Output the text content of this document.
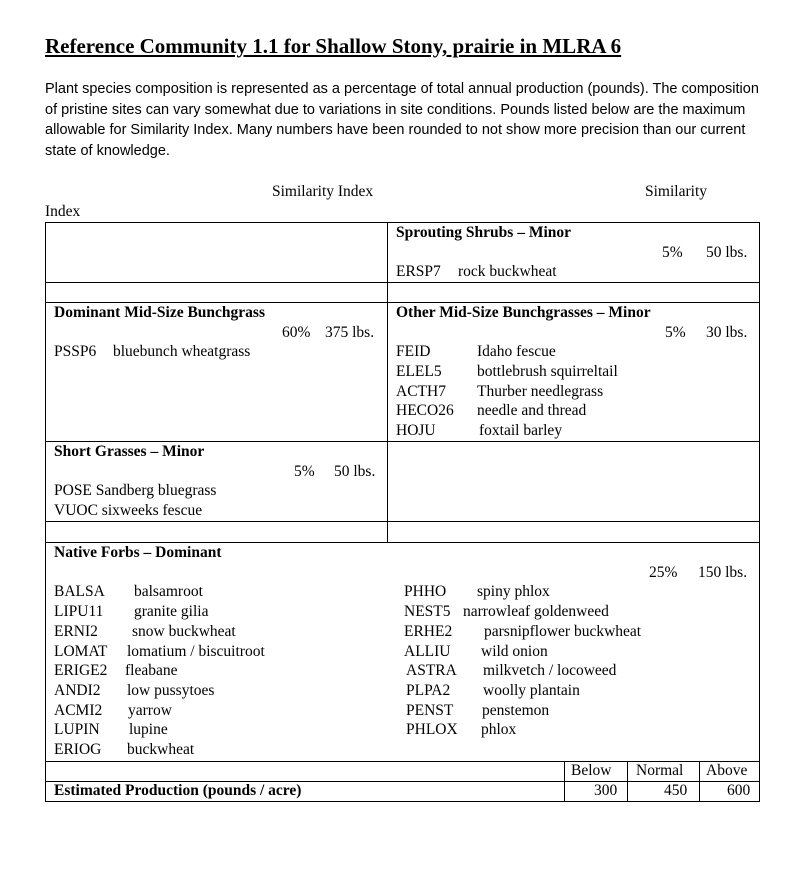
Reference Community 1.1 for Shallow Stony, prairie in MLRA 6
Plant species composition is represented as a percentage of total annual production (pounds). The composition of pristine sites can vary somewhat due to variations in site conditions. Pounds listed below are the maximum allowable for Similarity Index. Many numbers have been rounded to not show more precision than our current state of knowledge.
Similarity Index	Similarity
Index
Sprouting Shrubs – Minor
5% 50 lbs.
ERSP7 rock buckwheat
Dominant Mid-Size Bunchgrass
60% 375 lbs.
PSSP6 bluebunch wheatgrass
Other Mid-Size Bunchgrasses – Minor
5% 30 lbs.
FEID	Idaho fescue
ELEL5 bottlebrush squirreltail
ACTH7 Thurber needlegrass
HECO26 needle and thread
HOJU	foxtail barley
Short Grasses – Minor
5% 50 lbs.
POSE Sandberg bluegrass
VUOC sixweeks fescue
Native Forbs – Dominant
25% 150 lbs.
BALSA balsamroot
LIPU11 granite gilia
ERNI2 snow buckwheat
LOMAT lomatium / biscuitroot
ERIGE2 fleabane
ANDI2 low pussytoes
ACMI2 yarrow
LUPIN lupine
ERIOG buckwheat
PHHO spiny phlox
NEST5 narrowleaf goldenweed
ERHE2 parsnipflower buckwheat
ALLIU wild onion
ASTRA milkvetch / locoweed
PLPA2 woolly plantain
PENST penstemon
PHLOX phlox
Below Normal Above
Estimated Production (pounds / acre)	300	450	600
